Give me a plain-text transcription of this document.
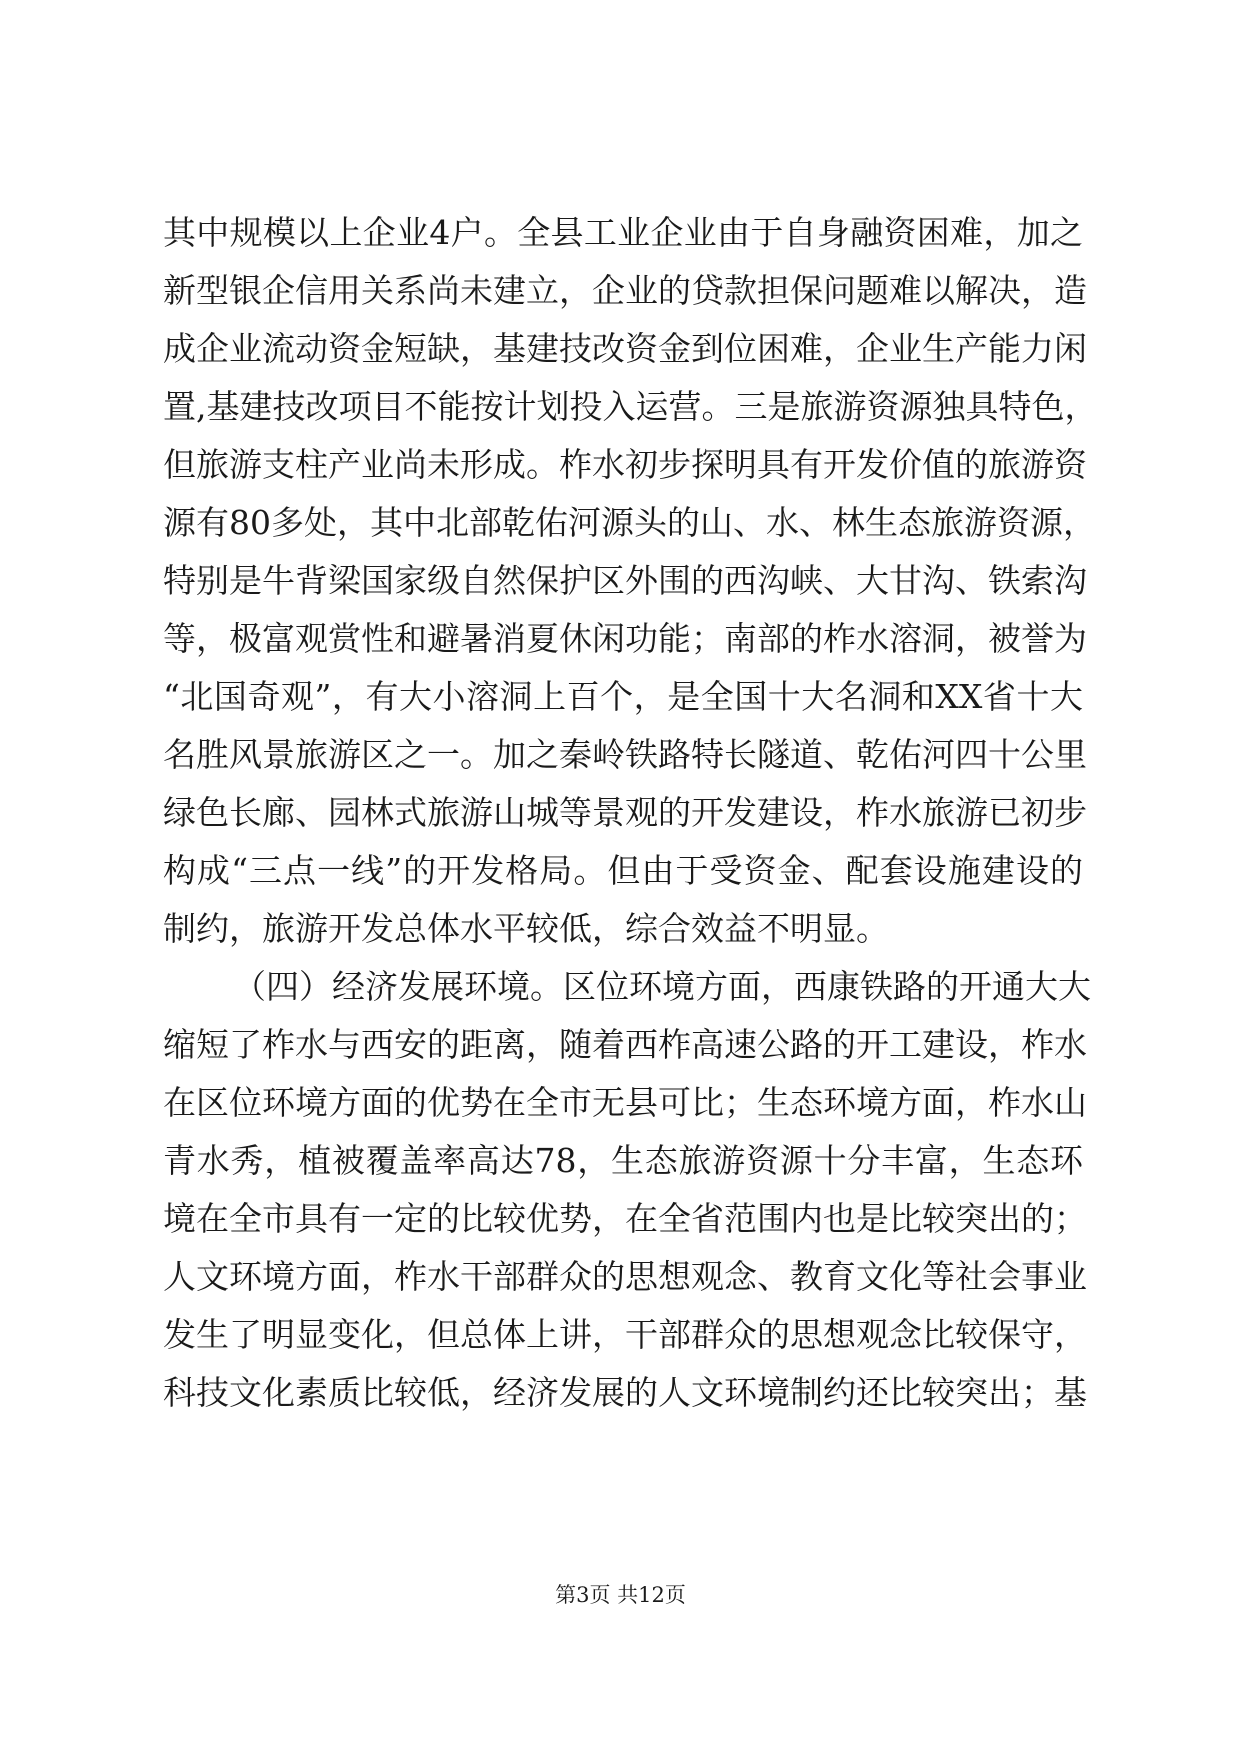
其中规模以上企业4户。全县工业企业由于自身融资困难，加之
新型银企信用关系尚未建立，企业的贷款担保问题难以解决，造
成企业流动资金短缺，基建技改资金到位困难，企业生产能力闲
置,基建技改项目不能按计划投入运营。三是旅游资源独具特色，
但旅游支柱产业尚未形成。柞水初步探明具有开发价值的旅游资
源有80多处，其中北部乾佑河源头的山、水、林生态旅游资源，
特别是牛背梁国家级自然保护区外围的西沟峡、大甘沟、铁索沟
等，极富观赏性和避暑消夏休闲功能；南部的柞水溶洞，被誉为
“北国奇观”，有大小溶洞上百个，是全国十大名洞和XX省十大
名胜风景旅游区之一。加之秦岭铁路特长隧道、乾佑河四十公里
绿色长廊、园林式旅游山城等景观的开发建设，柞水旅游已初步
构成“三点一线”的开发格局。但由于受资金、配套设施建设的
制约，旅游开发总体水平较低，综合效益不明显。
（四）经济发展环境。区位环境方面，西康铁路的开通大大
缩短了柞水与西安的距离，随着西柞高速公路的开工建设，柞水
在区位环境方面的优势在全市无县可比；生态环境方面，柞水山
青水秀，植被覆盖率高达78，生态旅游资源十分丰富，生态环
境在全市具有一定的比较优势，在全省范围内也是比较突出的；
人文环境方面，柞水干部群众的思想观念、教育文化等社会事业
发生了明显变化，但总体上讲，干部群众的思想观念比较保守，
科技文化素质比较低，经济发展的人文环境制约还比较突出；基
第3页 共12页
